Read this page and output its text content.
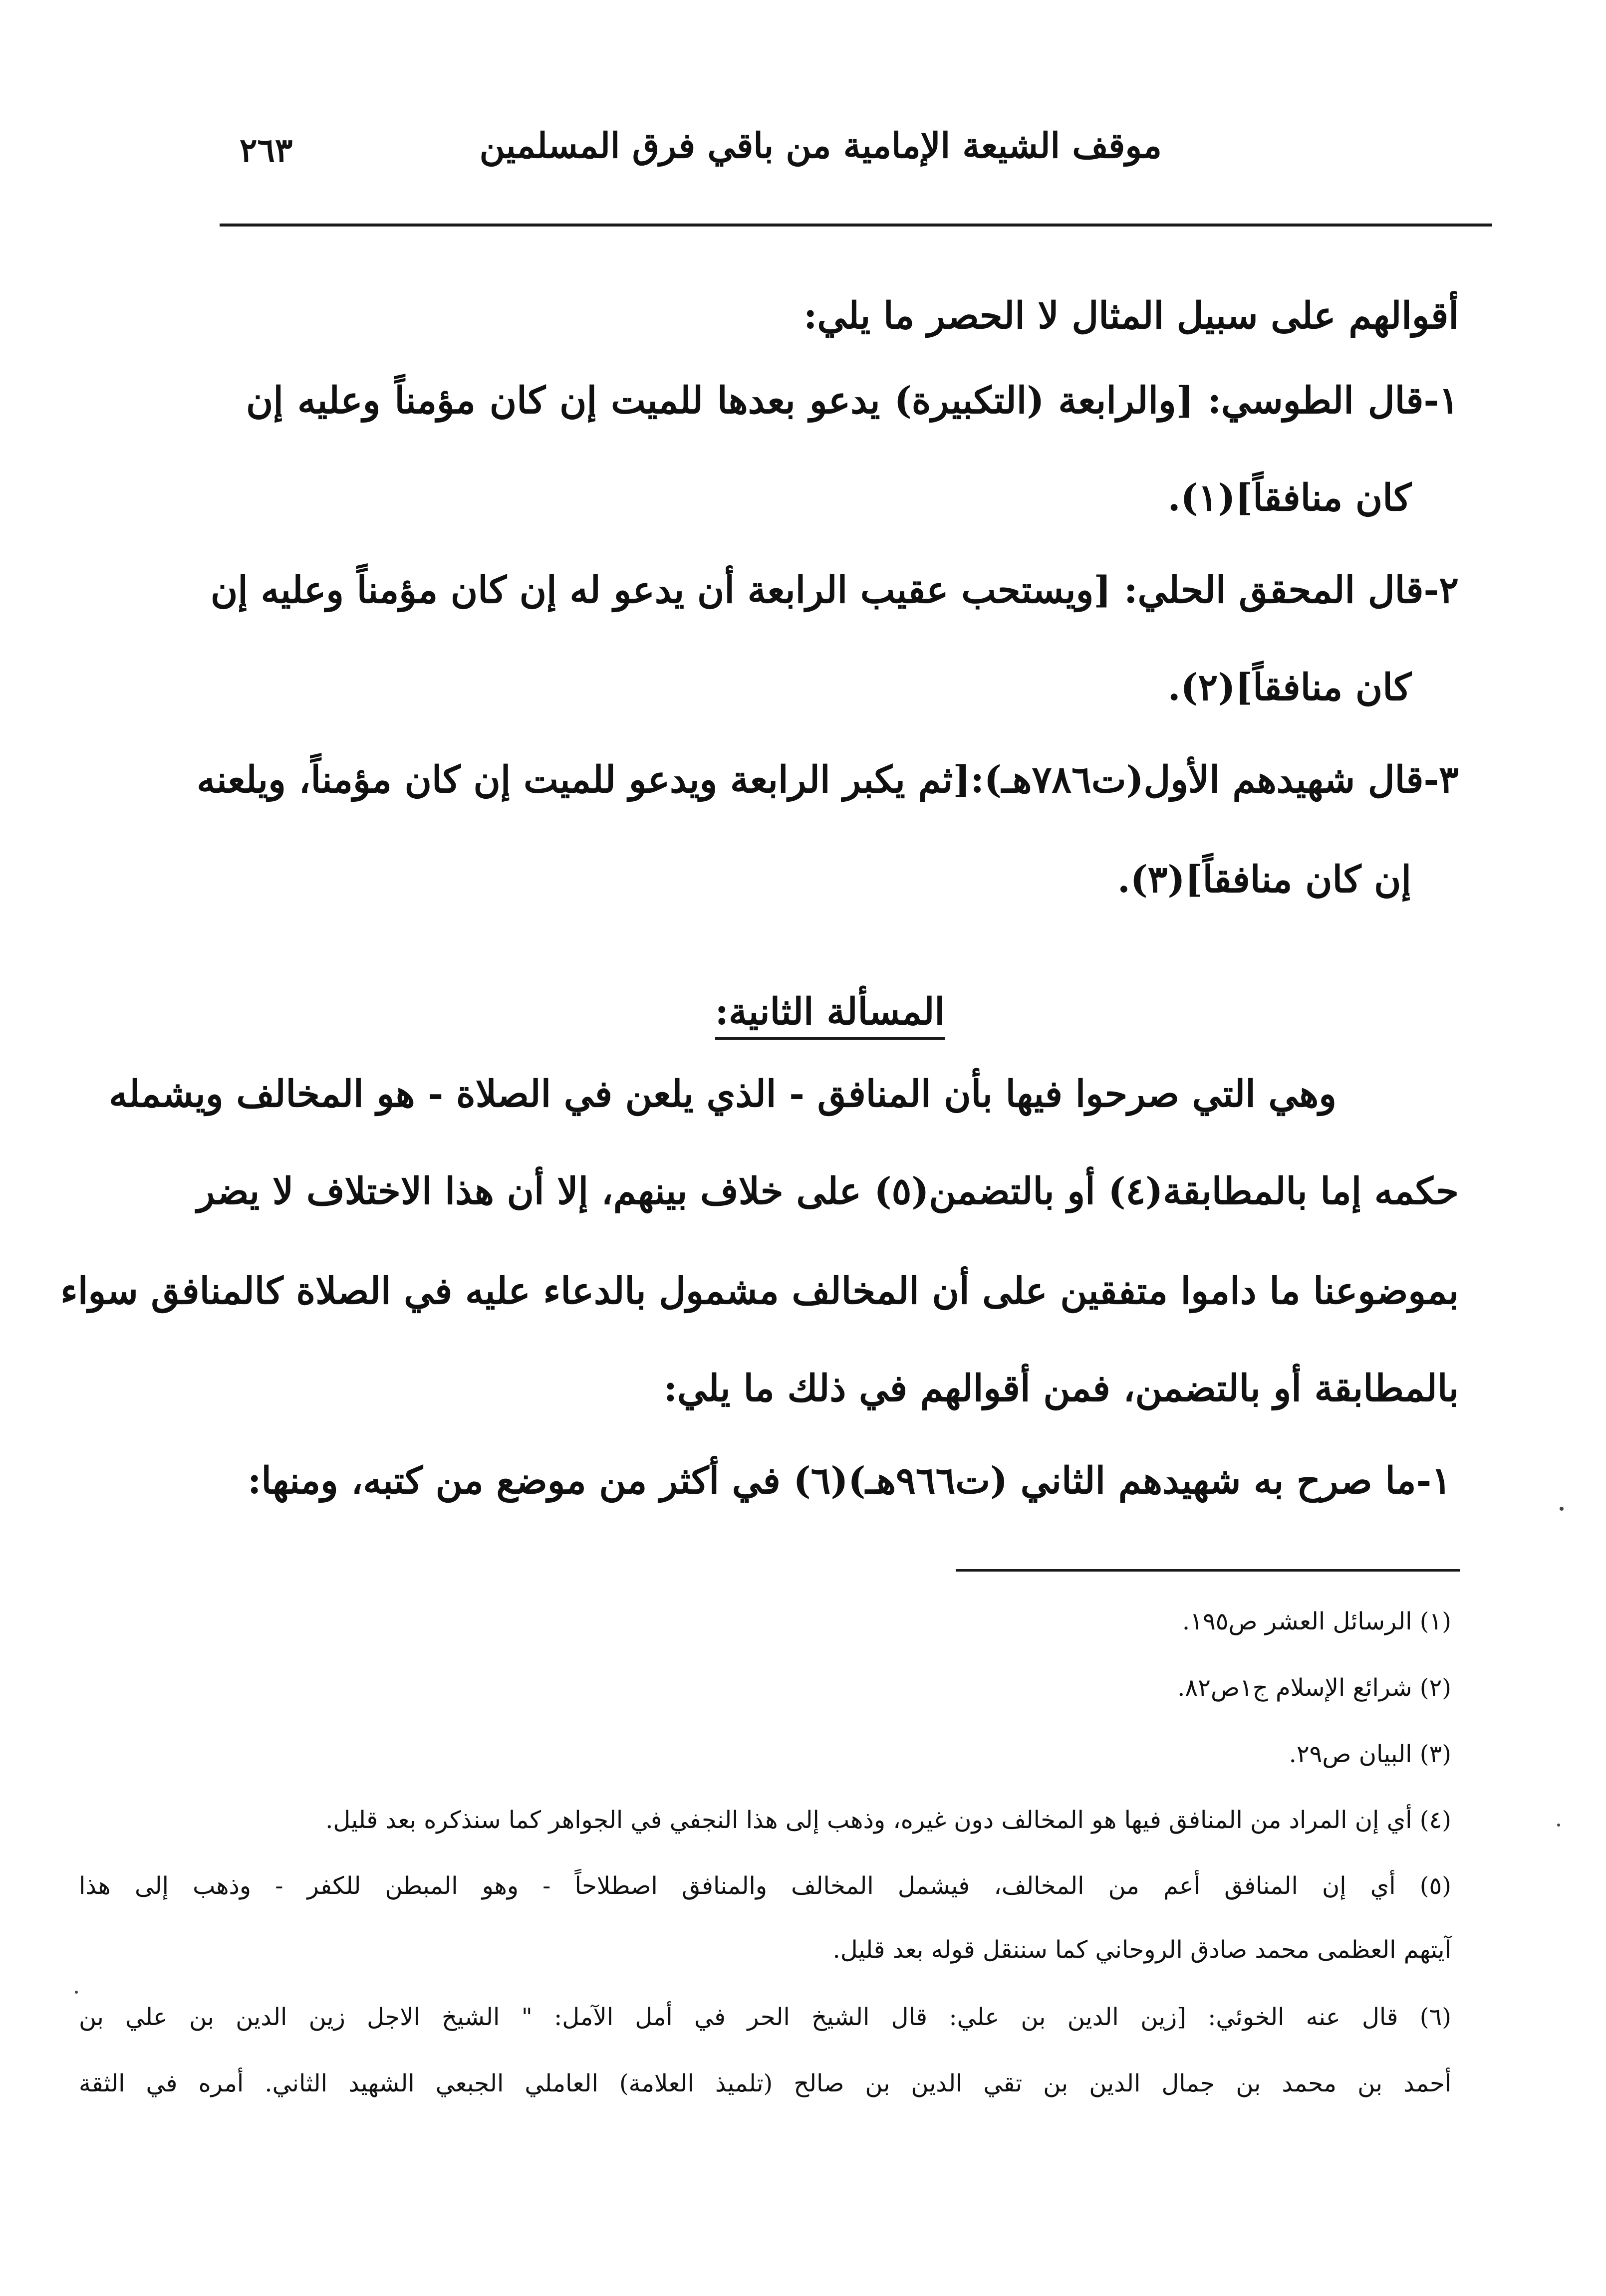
موقف الشيعة الإمامية من باقي فرق المسلمين
٢٦٣
أقوالهم على سبيل المثال لا الحصر ما يلي:
١-قال الطوسي: [والرابعة (التكبيرة) يدعو بعدها للميت إن كان مؤمناً وعليه إن
كان منافقاً](١).
٢-قال المحقق الحلي: [ويستحب عقيب الرابعة أن يدعو له إن كان مؤمناً وعليه إن
كان منافقاً](٢).
٣-قال شهيدهم الأول(ت٧٨٦هـ):[ثم يكبر الرابعة ويدعو للميت إن كان مؤمناً، ويلعنه
إن كان منافقاً](٣).
المسألة الثانية:
وهي التي صرحوا فيها بأن المنافق - الذي يلعن في الصلاة - هو المخالف ويشمله
حكمه إما بالمطابقة(٤) أو بالتضمن(٥) على خلاف بينهم، إلا أن هذا الاختلاف لا يضر
بموضوعنا ما داموا متفقين على أن المخالف مشمول بالدعاء عليه في الصلاة كالمنافق سواء
بالمطابقة أو بالتضمن، فمن أقوالهم في ذلك ما يلي:
١-ما صرح به شهيدهم الثاني (ت٩٦٦هـ)(٦) في أكثر من موضع من كتبه، ومنها:
(١) الرسائل العشر ص١٩٥.
(٢) شرائع الإسلام ج١ص٨٢.
(٣) البيان ص٢٩.
(٤) أي إن المراد من المنافق فيها هو المخالف دون غيره، وذهب إلى هذا النجفي في الجواهر كما سنذكره بعد قليل.
(٥) أي إن المنافق أعم من المخالف، فيشمل المخالف والمنافق اصطلاحاً - وهو المبطن للكفر - وذهب إلى هذا
آيتهم العظمى محمد صادق الروحاني كما سننقل قوله بعد قليل.
(٦) قال عنه الخوئي: [زين الدين بن علي: قال الشيخ الحر في أمل الآمل: " الشيخ الاجل زين الدين بن علي بن
أحمد بن محمد بن جمال الدين بن تقي الدين بن صالح (تلميذ العلامة) العاملي الجبعي الشهيد الثاني. أمره في الثقة
